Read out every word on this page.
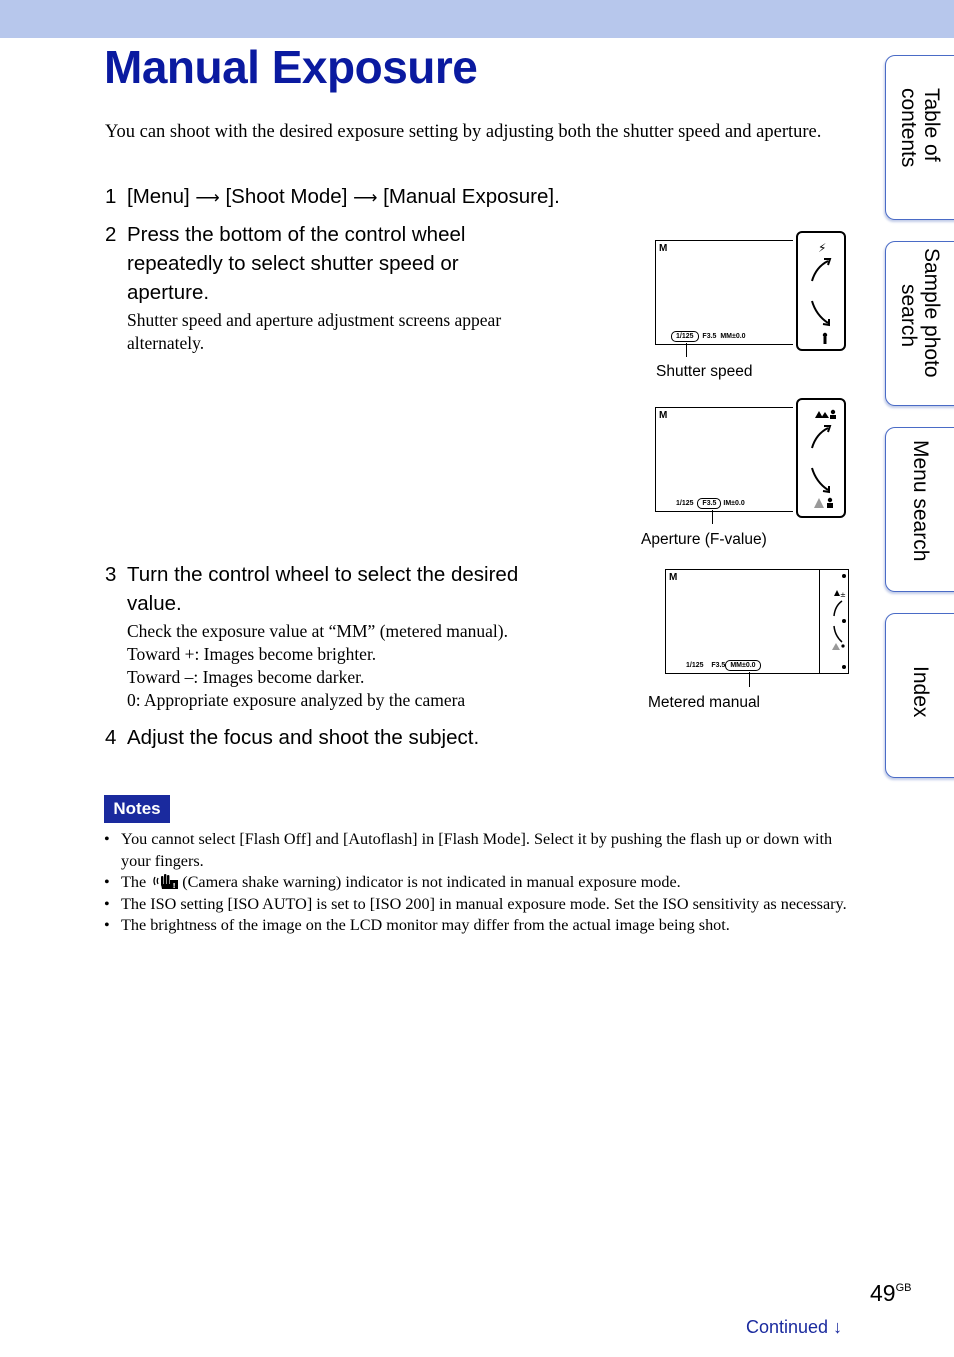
Manual Exposure
You can shoot with the desired exposure setting by adjusting both the shutter speed and aperture.
1 [Menu] ⟶ [Shoot Mode] ⟶ [Manual Exposure].
2 Press the bottom of the control wheel
repeatedly to select shutter speed or
aperture.
Shutter speed and aperture adjustment screens appear
alternately.
3 Turn the control wheel to select the desired
value.
Check the exposure value at “MM” (metered manual).
Toward +: Images become brighter.
Toward –: Images become darker.
0: Appropriate exposure analyzed by the camera
4 Adjust the focus and shoot the subject.
M
1/125 F3.5 MM±0.0
⚡
Shutter speed
M
1/125 F3.5 IM±0.0
Aperture (F-value)
M
±
1/125 F3.5 MM±0.0
Metered manual
Notes
• You cannot select [Flash Off] and [Autoflash] in [Flash Mode]. Select it by pushing the flash up or down with your fingers.
• The	! (Camera shake warning) indicator is not indicated in manual exposure mode.
• The ISO setting [ISO AUTO] is set to [ISO 200] in manual exposure mode. Set the ISO sensitivity as necessary.
• The brightness of the image on the LCD monitor may differ from the actual image being shot.
Table of
contents
Sample photo
search
Menu search
Index
$49^{GB}$
Continued ↓
